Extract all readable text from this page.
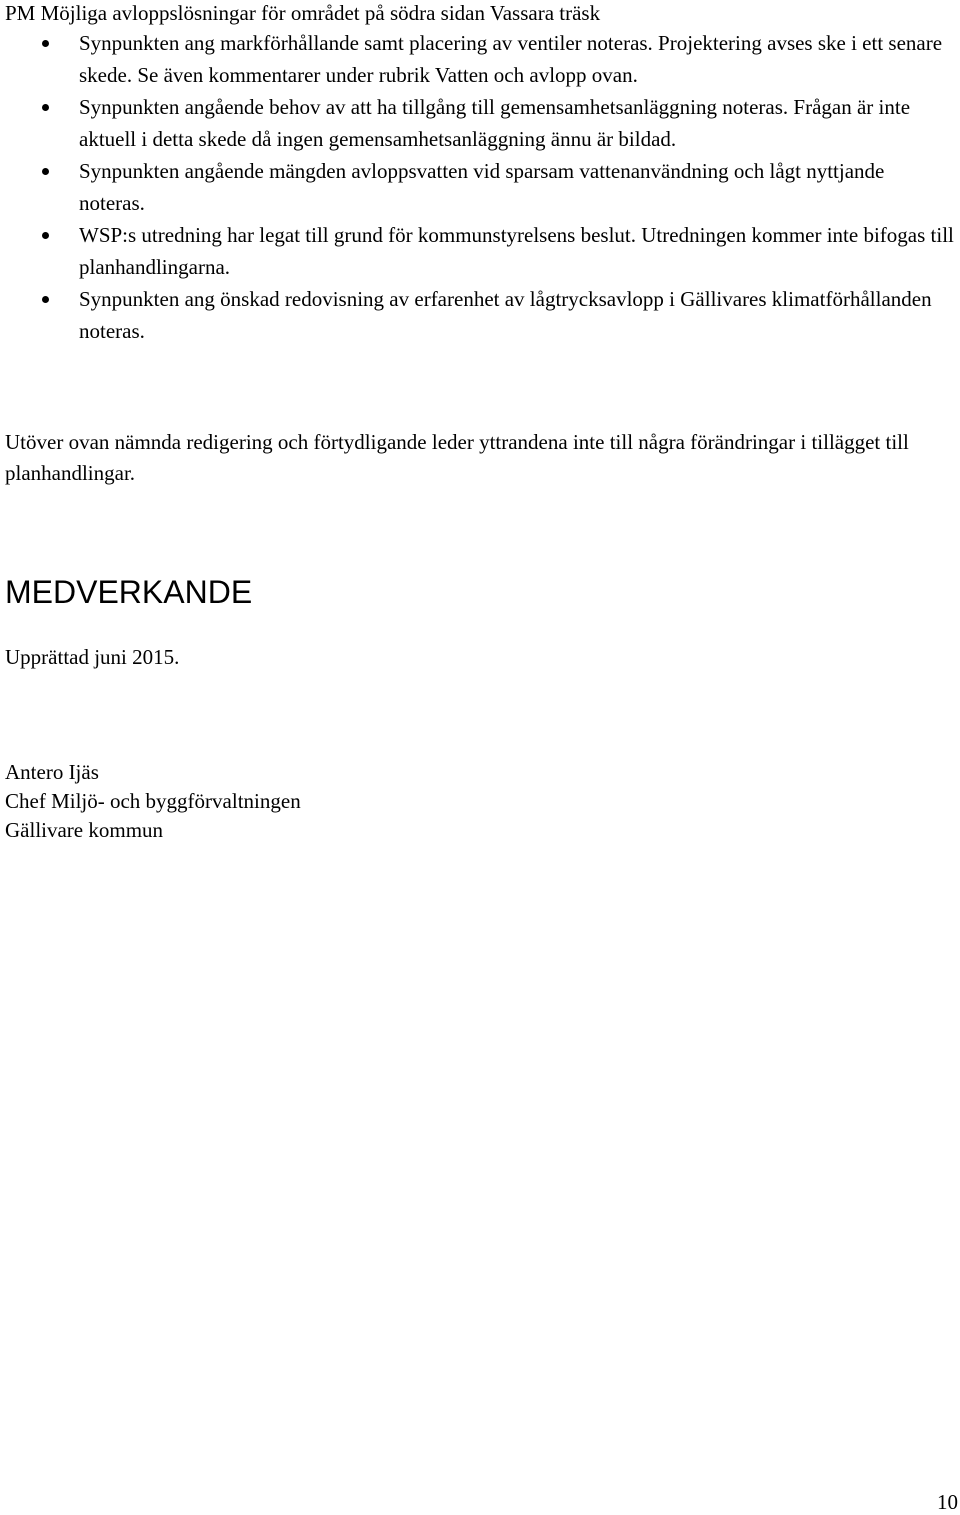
PM Möjliga avloppslösningar för området på södra sidan Vassara träsk
Synpunkten ang markförhållande samt placering av ventiler noteras. Projektering avses ske i ett senare skede. Se även kommentarer under rubrik Vatten och avlopp ovan.
Synpunkten angående behov av att ha tillgång till gemensamhetsanläggning noteras. Frågan är inte aktuell i detta skede då ingen gemensamhetsanläggning ännu är bildad.
Synpunkten angående mängden avloppsvatten vid sparsam vattenanvändning och lågt nyttjande noteras.
WSP:s utredning har legat till grund för kommunstyrelsens beslut. Utredningen kommer inte bifogas till planhandlingarna.
Synpunkten ang önskad redovisning av erfarenhet av lågtrycksavlopp i Gällivares klimatförhållanden noteras.

Utöver ovan nämnda redigering och förtydligande leder yttrandena inte till några förändringar i tillägget till planhandlingar.

MEDVERKANDE

Upprättad juni 2015.

Antero Ijäs
Chef Miljö- och byggförvaltningen
Gällivare kommun
10
